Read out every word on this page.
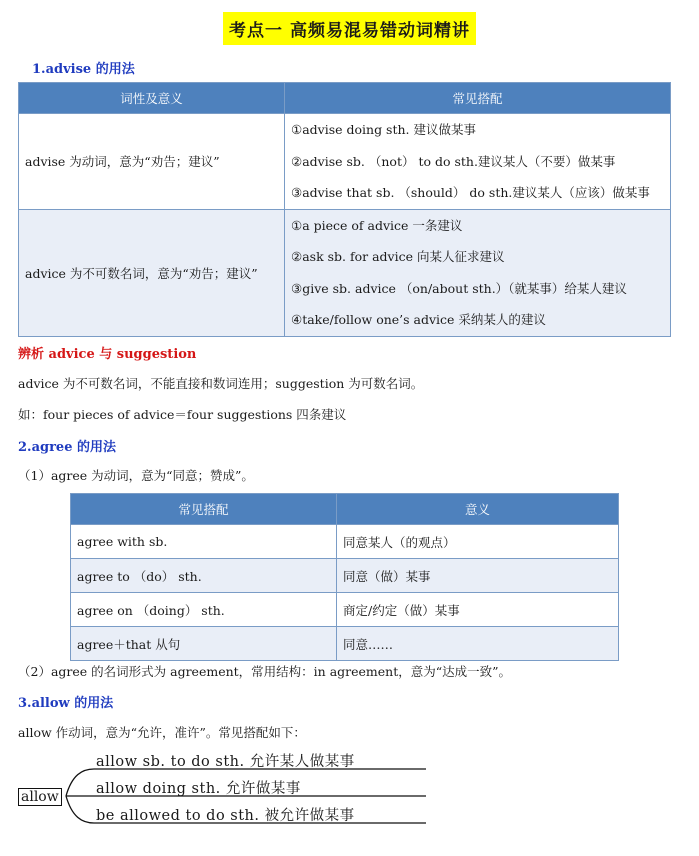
考点一 高频易混易错动词精讲
1.advise 的用法
词性及意义	常见搭配
advise 为动词，意为“劝告；建议”	①advise doing sth. 建议做某事
②advise sb. （not） to do sth.建议某人（不要）做某事
③advise that sb. （should） do sth.建议某人（应该）做某事

advice 为不可数名词，意为“劝告；建议”	①a piece of advice 一条建议
②ask sb. for advice 向某人征求建议
③give sb. advice （on/about sth.）（就某事）给某人建议
④take/follow one’s advice 采纳某人的建议
辨析 advice 与 suggestion
advice 为不可数名词，不能直接和数词连用；suggestion 为可数名词。
如：four pieces of advice＝four suggestions 四条建议
2.agree 的用法
（1）agree 为动词，意为“同意；赞成”。
常见搭配	意义
agree with sb.	同意某人（的观点）
agree to （do） sth.	同意（做）某事
agree on （doing） sth.	商定/约定（做）某事
agree＋that 从句	同意……
（2）agree 的名词形式为 agreement，常用结构：in agreement，意为“达成一致”。
3.allow 的用法
allow 作动词，意为“允许，准许”。常见搭配如下：
allow
allow sb. to do sth. 允许某人做某事
allow doing sth. 允许做某事
be allowed to do sth. 被允许做某事
